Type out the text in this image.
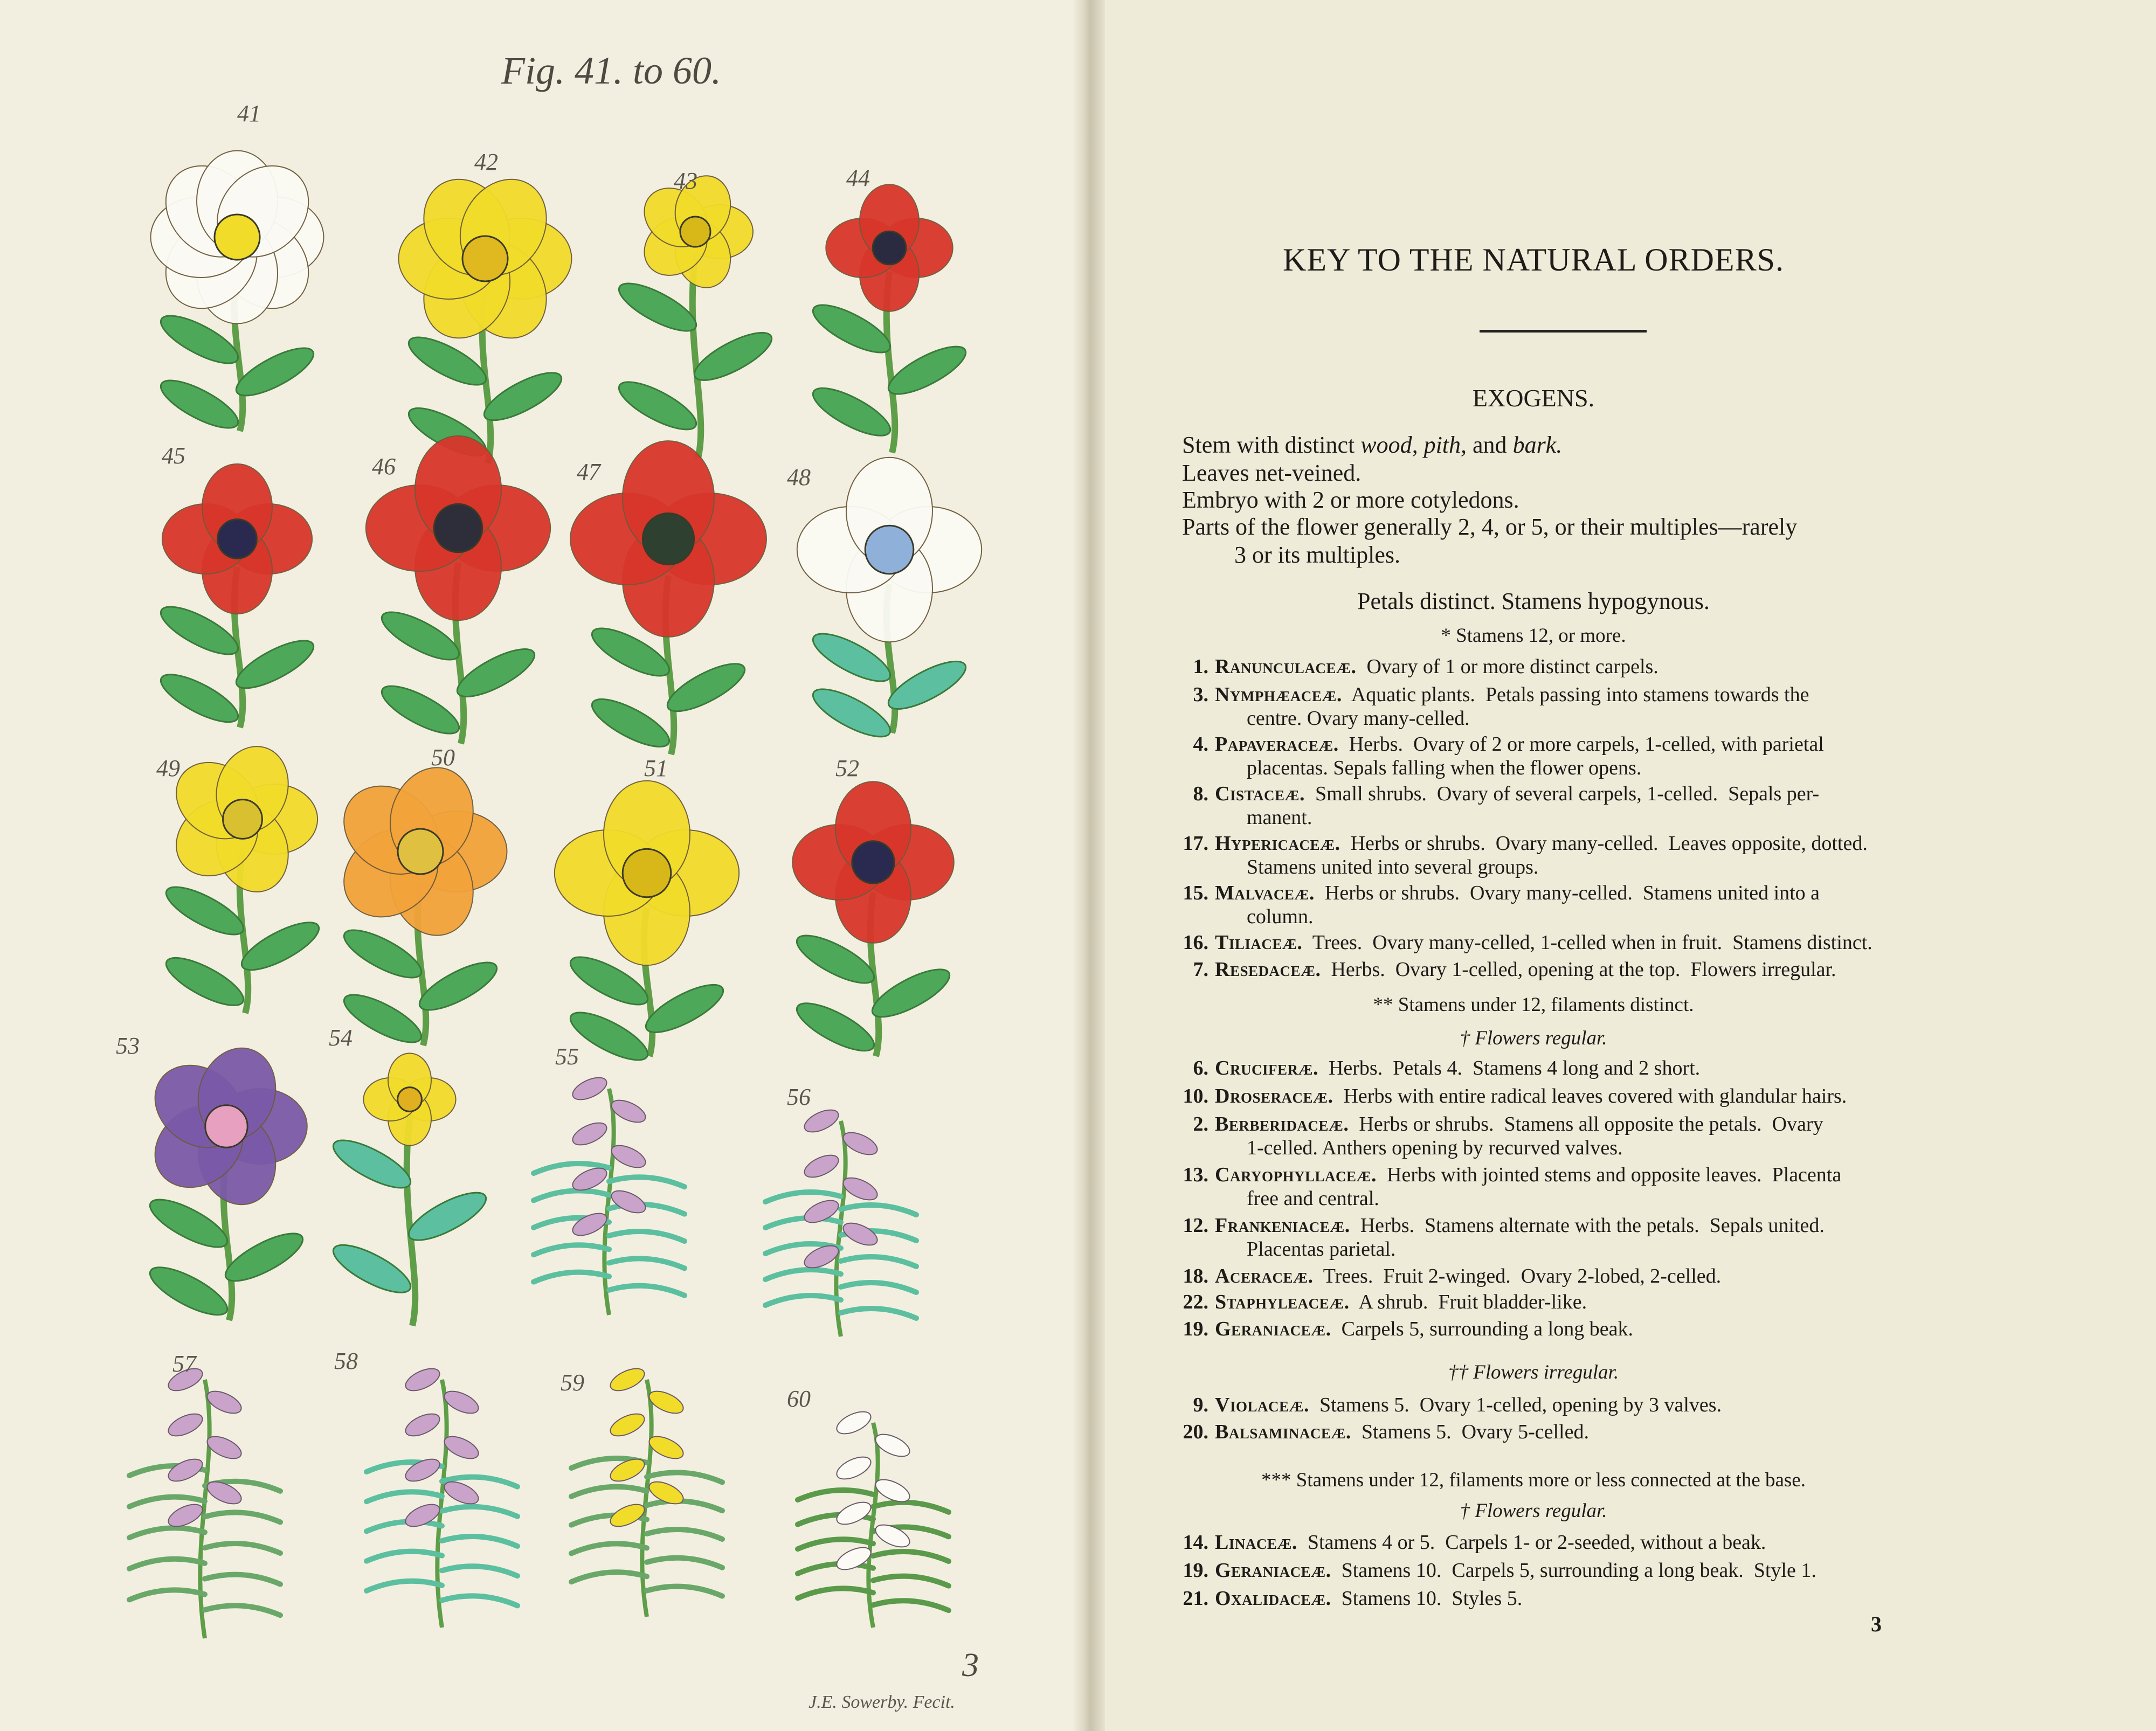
41
42
43	44
45	46	47	48
49	50	51	52
53	54
55
56
57	58
59
60
Fig. 41. to 60.
3
J.E. Sowerby. Fecit.
KEY TO THE NATURAL ORDERS.
EXOGENS.
Stem with distinct wood, pith, and bark.
Leaves net-veined.
Embryo with 2 or more cotyledons.
Parts of the flower generally 2, 4, or 5, or their multiples—rarely
3 or its multiples.
Petals distinct. Stamens hypogynous.
* Stamens 12, or more.
1. Ranunculaceæ.  Ovary of 1 or more distinct carpels.
3. Nymphæaceæ.  Aquatic plants.  Petals passing into stamens towards the
centre. Ovary many-celled.
4. Papaveraceæ.  Herbs.  Ovary of 2 or more carpels, 1-celled, with parietal
placentas. Sepals falling when the flower opens.
8. Cistaceæ.  Small shrubs.  Ovary of several carpels, 1-celled.  Sepals per-
manent.
17. Hypericaceæ.  Herbs or shrubs.  Ovary many-celled.  Leaves opposite, dotted.
Stamens united into several groups.
15. Malvaceæ.  Herbs or shrubs.  Ovary many-celled.  Stamens united into a
column.
16. Tiliaceæ.  Trees.  Ovary many-celled, 1-celled when in fruit.  Stamens distinct.
7. Resedaceæ.  Herbs.  Ovary 1-celled, opening at the top.  Flowers irregular.
** Stamens under 12, filaments distinct.
† Flowers regular.
6. Cruciferæ.  Herbs.  Petals 4.  Stamens 4 long and 2 short.
10. Droseraceæ.  Herbs with entire radical leaves covered with glandular hairs.
2. Berberidaceæ.  Herbs or shrubs.  Stamens all opposite the petals.  Ovary
1-celled. Anthers opening by recurved valves.
13. Caryophyllaceæ.  Herbs with jointed stems and opposite leaves.  Placenta
free and central.
12. Frankeniaceæ.  Herbs.  Stamens alternate with the petals.  Sepals united.
Placentas parietal.
18. Aceraceæ.  Trees.  Fruit 2-winged.  Ovary 2-lobed, 2-celled.
22. Staphyleaceæ.  A shrub.  Fruit bladder-like.
19. Geraniaceæ.  Carpels 5, surrounding a long beak.
†† Flowers irregular.
9. Violaceæ.  Stamens 5.  Ovary 1-celled, opening by 3 valves.
20. Balsaminaceæ.  Stamens 5.  Ovary 5-celled.
*** Stamens under 12, filaments more or less connected at the base.
† Flowers regular.
14. Linaceæ.  Stamens 4 or 5.  Carpels 1- or 2-seeded, without a beak.
19. Geraniaceæ.  Stamens 10.  Carpels 5, surrounding a long beak.  Style 1.
21. Oxalidaceæ.  Stamens 10.  Styles 5.
3
